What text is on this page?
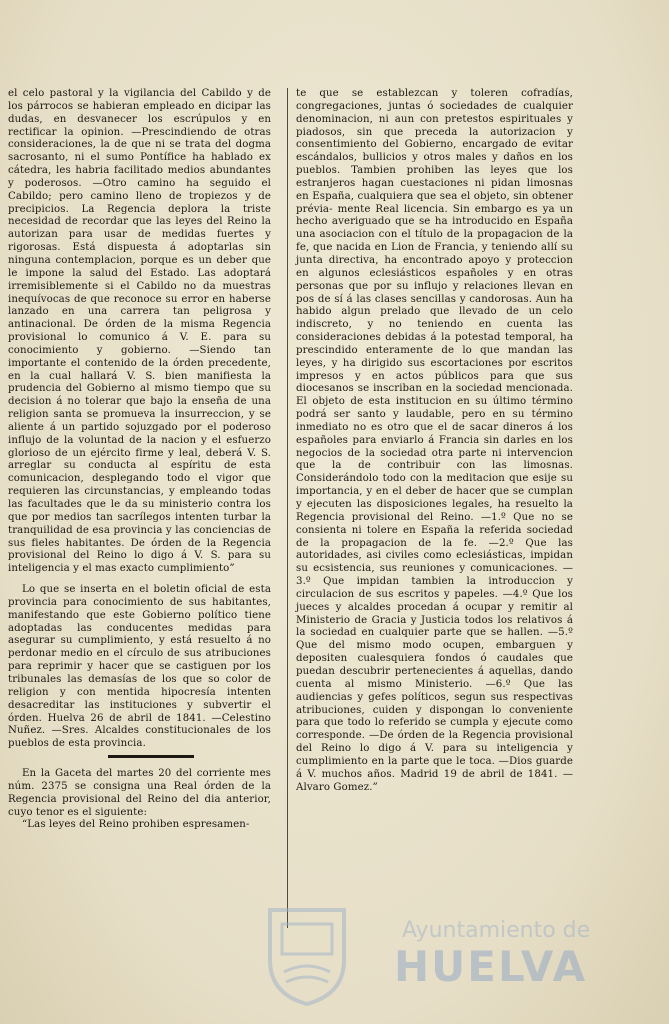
el celo pastoral y la vigilancia del Cabildo y de los párrocos se habieran empleado en dicipar las dudas, en desvanecer los escrúpulos y en rectificar la opinion. —Prescindiendo de otras consideraciones, la de que ni se trata del dogma sacrosanto, ni el sumo Pontífice ha hablado ex cátedra, les habria facilitado medios abundantes y poderosos. —Otro camino ha seguido el Cabildo; pero camino lleno de tropiezos y de precipicios. La Regencia deplora la triste necesidad de recordar que las leyes del Reino la autorizan para usar de medidas fuertes y rigorosas. Está dispuesta á adoptarlas sin ninguna contemplacion, porque es un deber que le impone la salud del Estado. Las adoptará irremisiblemente si el Cabildo no da muestras inequívocas de que reconoce su error en haberse lanzado en una carrera tan peligrosa y antinacional. De órden de la misma Regencia provisional lo comunico á V. E. para su conocimiento y gobierno. —Siendo tan importante el contenido de la órden precedente, en la cual hallará V. S. bien manifiesta la prudencia del Gobierno al mismo tiempo que su decision á no tolerar que bajo la enseña de una religion santa se promueva la insurreccion, y se aliente á un partido sojuzgado por el poderoso influjo de la voluntad de la nacion y el esfuerzo glorioso de un ejército firme y leal, deberá V. S. arreglar su conducta al espíritu de esta comunicacion, desplegando todo el vigor que requieren las circunstancias, y empleando todas las facultades que le da su ministerio contra los que por medios tan sacrílegos intenten turbar la tranquilidad de esa provincia y las conciencias de sus fieles habitantes. De órden de la Regencia provisional del Reino lo digo á V. S. para su inteligencia y el mas exacto cumplimiento”

Lo que se inserta en el boletin oficial de esta provincia para conocimiento de sus habitantes, manifestando que este Gobierno político tiene adoptadas las conducentes medidas para asegurar su cumplimiento, y está resuelto á no perdonar medio en el círculo de sus atribuciones para reprimir y hacer que se castiguen por los tribunales las demasías de los que so color de religion y con mentida hipocresía intenten desacreditar las instituciones y subvertir el órden. Huelva 26 de abril de 1841. —Celestino Nuñez. —Sres. Alcaldes constitucionales de los pueblos de esta provincia.

En la Gaceta del martes 20 del corriente mes núm. 2375 se consigna una Real órden de la Regencia provisional del Reino del dia anterior, cuyo tenor es el siguiente:

“Las leyes del Reino prohiben espresamen-

te que se establezcan y toleren cofradías, congregaciones, juntas ó sociedades de cualquier denominacion, ni aun con pretestos espirituales y piadosos, sin que preceda la autorizacion y consentimiento del Gobierno, encargado de evitar escándalos, bullicios y otros males y daños en los pueblos. Tambien prohiben las leyes que los estranjeros hagan cuestaciones ni pidan limosnas en España, cualquiera que sea el objeto, sin obtener prévia- mente Real licencia. Sin embargo es ya un hecho averiguado que se ha introducido en España una asociacion con el título de la propagacion de la fe, que nacida en Lion de Francia, y teniendo allí su junta directiva, ha encontrado apoyo y proteccion en algunos eclesiásticos españoles y en otras personas que por su influjo y relaciones llevan en pos de sí á las clases sencillas y candorosas. Aun ha habido algun prelado que llevado de un celo indiscreto, y no teniendo en cuenta las consideraciones debidas á la potestad temporal, ha prescindido enteramente de lo que mandan las leyes, y ha dirigido sus escortaciones por escritos impresos y en actos públicos para que sus diocesanos se inscriban en la sociedad mencionada. El objeto de esta institucion en su último término podrá ser santo y laudable, pero en su término inmediato no es otro que el de sacar dineros á los españoles para enviarlo á Francia sin darles en los negocios de la sociedad otra parte ni intervencion que la de contribuir con las limosnas. Considerándolo todo con la meditacion que esije su importancia, y en el deber de hacer que se cumplan y ejecuten las disposiciones legales, ha resuelto la Regencia provisional del Reino. —1.º Que no se consienta ni tolere en España la referida sociedad de la propagacion de la fe. —2.º Que las autoridades, asi civiles como eclesiásticas, impidan su ecsistencia, sus reuniones y comunicaciones. —3.º Que impidan tambien la introduccion y circulacion de sus escritos y papeles. —4.º Que los jueces y alcaldes procedan á ocupar y remitir al Ministerio de Gracia y Justicia todos los relativos á la sociedad en cualquier parte que se hallen. —5.º Que del mismo modo ocupen, embarguen y depositen cualesquiera fondos ó caudales que puedan descubrir pertenecientes á aquellas, dando cuenta al mismo Ministerio. —6.º Que las audiencias y gefes políticos, segun sus respectivas atribuciones, cuiden y dispongan lo conveniente para que todo lo referido se cumpla y ejecute como corresponde. —De órden de la Regencia provisional del Reino lo digo á V. para su inteligencia y cumplimiento en la parte que le toca. —Dios guarde á V. muchos años. Madrid 19 de abril de 1841. —Alvaro Gomez.”

Ayuntamiento de
HUELVA
